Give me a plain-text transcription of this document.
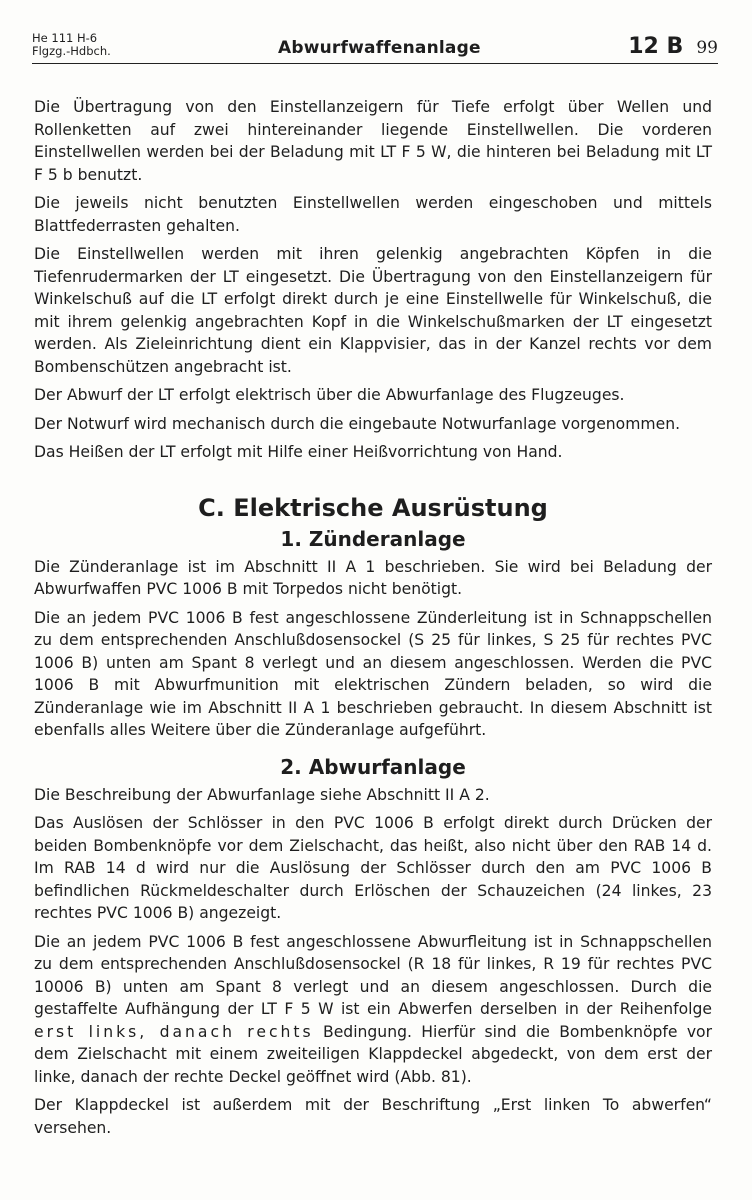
He 111 H-6
Flgzg.-Hdbch.	Abwurfwaffenanlage	12 B 99

Die Übertragung von den Einstellanzeigern für Tiefe erfolgt über Wellen und Rollenketten auf zwei hintereinander liegende Einstellwellen. Die vorderen Einstellwellen werden bei der Beladung mit LT F 5 W, die hinteren bei Beladung mit LT F 5 b benutzt.

Die jeweils nicht benutzten Einstellwellen werden eingeschoben und mittels Blattfederrasten gehalten.

Die Einstellwellen werden mit ihren gelenkig angebrachten Köpfen in die Tiefenrudermarken der LT eingesetzt. Die Übertragung von den Einstellanzeigern für Winkelschuß auf die LT erfolgt direkt durch je eine Einstellwelle für Winkelschuß, die mit ihrem gelenkig angebrachten Kopf in die Winkelschußmarken der LT eingesetzt werden. Als Zieleinrichtung dient ein Klappvisier, das in der Kanzel rechts vor dem Bombenschützen angebracht ist.

Der Abwurf der LT erfolgt elektrisch über die Abwurfanlage des Flugzeuges.

Der Notwurf wird mechanisch durch die eingebaute Notwurfanlage vorgenommen.

Das Heißen der LT erfolgt mit Hilfe einer Heißvorrichtung von Hand.

C. Elektrische Ausrüstung
1. Zünderanlage

Die Zünderanlage ist im Abschnitt II A 1 beschrieben. Sie wird bei Beladung der Abwurfwaffen PVC 1006 B mit Torpedos nicht benötigt.

Die an jedem PVC 1006 B fest angeschlossene Zünderleitung ist in Schnappschellen zu dem entsprechenden Anschlußdosensockel (S 25 für linkes, S 25 für rechtes PVC 1006 B) unten am Spant 8 verlegt und an diesem angeschlossen. Werden die PVC 1006 B mit Abwurfmunition mit elektrischen Zündern beladen, so wird die Zünderanlage wie im Abschnitt II A 1 beschrieben gebraucht. In diesem Abschnitt ist ebenfalls alles Weitere über die Zünderanlage aufgeführt.

2. Abwurfanlage

Die Beschreibung der Abwurfanlage siehe Abschnitt II A 2.

Das Auslösen der Schlösser in den PVC 1006 B erfolgt direkt durch Drücken der beiden Bombenknöpfe vor dem Zielschacht, das heißt, also nicht über den RAB 14 d. Im RAB 14 d wird nur die Auslösung der Schlösser durch den am PVC 1006 B befindlichen Rückmeldeschalter durch Erlöschen der Schauzeichen (24 linkes, 23 rechtes PVC 1006 B) angezeigt.

Die an jedem PVC 1006 B fest angeschlossene Abwurfleitung ist in Schnappschellen zu dem entsprechenden Anschlußdosensockel (R 18 für linkes, R 19 für rechtes PVC 10006 B) unten am Spant 8 verlegt und an diesem angeschlossen. Durch die gestaffelte Aufhängung der LT F 5 W ist ein Abwerfen derselben in der Reihenfolge erst links, danach rechts Bedingung. Hierfür sind die Bombenknöpfe vor dem Zielschacht mit einem zweiteiligen Klappdeckel abgedeckt, von dem erst der linke, danach der rechte Deckel geöffnet wird (Abb. 81).

Der Klappdeckel ist außerdem mit der Beschriftung „Erst linken To abwerfen“ versehen.
